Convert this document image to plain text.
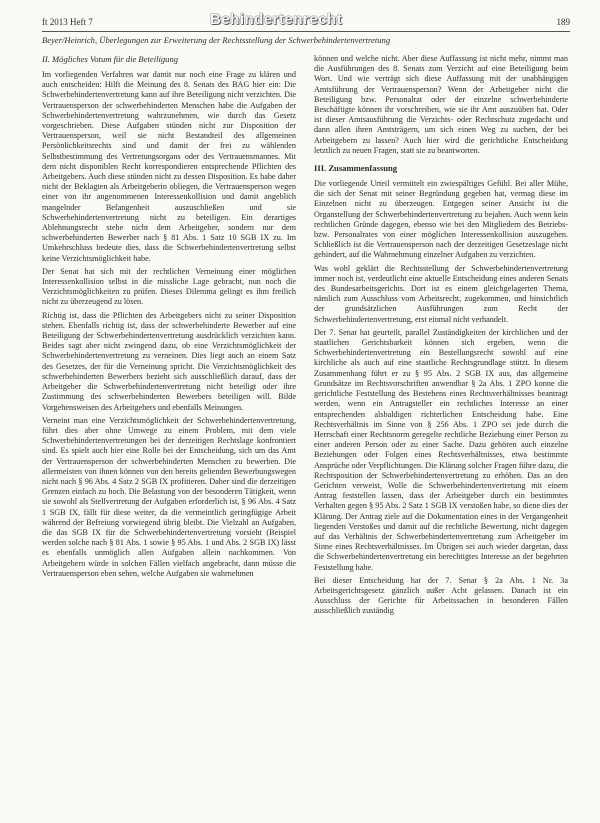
ft 2013 Heft 7	Behindertenrecht	189
Beyer/Heinrich, Überlegungen zur Erweiterung der Rechtsstellung der Schwerbehindertenvertretung
II. Mögliches Votum für die Beteiligung

Im vorliegenden Verfahren war damit nur noch eine Frage zu klären und auch entscheiden: Hilft die Meinung des 8. Senats des BAG hier ein: Die Schwerbehindertenvertretung kann auf ihre Beteiligung nicht verzichten. Die Vertrauensperson der schwerbehinderten Menschen habe die Aufgaben der Schwerbehindertenvertretung wahrzunehmen, wie durch das Gesetz vorgeschrieben. Diese Aufgaben stünden nicht zur Disposition der Vertrauensperson, weil sie nicht Bestandteil des allgemeinen Persönlichkeitsrechts sind und damit der frei zu wählenden Selbstbestimmung des Vertretungsorgans oder des Vertrauensmannes. Mit dem nicht disponiblen Recht korrespondieren entsprechende Pflichten des Arbeitgebers. Auch diese stünden nicht zu dessen Disposition. Es habe daher nicht der Beklagten als Arbeitgeberin obliegen, die Vertrauensperson wegen einer von ihr angenommenen Interessenkollision und damit angeblich mangelnder Befangenheit auszuschließen und sie Schwerbehindertenvertretung nicht zu beteiligen. Ein derartiges Ablehnungsrecht stehe nicht dem Arbeitgeber, sondern nur dem schwerbehinderten Bewerber nach § 81 Abs. 1 Satz 10 SGB IX zu. Im Umkehrschluss bedeute dies, dass die Schwerbehindertenvertretung selbst keine Verzichtsmöglichkeit habe.

Der Senat hat sich mit der rechtlichen Verneinung einer möglichen Interessenkollision selbst in die missliche Lage gebracht, nun noch die Verzichtsmöglichkeiten zu prüfen. Dieses Dilemma gelingt es ihm freilich nicht zu überzeugend zu lösen.

Richtig ist, dass die Pflichten des Arbeitgebers nicht zu seiner Disposition stehen. Ebenfalls richtig ist, dass der schwerbehinderte Bewerber auf eine Beteiligung der Schwerbehindertenvertretung ausdrücklich verzichten kann. Beides sagt aber nicht zwingend dazu, ob eine Verzichtsmöglichkeit der Schwerbehindertenvertretung zu verneinen. Dies liegt auch an einem Satz des Gesetzes, der für die Verneinung spricht. Die Verzichtsmöglichkeit des schwerbehinderten Bewerbers bezieht sich ausschließlich darauf, dass der Arbeitgeber die Schwerbehindertenvertretung nicht beteiligt oder ihre Zustimmung des schwerbehinderten Bewerbers beteiligen will. Bilde Vorgehensweisen des Arbeitgebers und ebenfalls Meinungen.

Verneint man eine Verzichtsmöglichkeit der Schwerbehindertenvertretung, führt dies aber ohne Umwege zu einem Problem, mit dem viele Schwerbehindertenvertretungen bei der derzeitigen Rechtslage konfrontiert sind. Es spielt auch hier eine Rolle bei der Entscheidung, sich um das Amt der Vertrauensperson der schwerbehinderten Menschen zu bewerben. Die allermeisten von ihnen können von den bereits geltenden Bewerbungswegen nicht nach § 96 Abs. 4 Satz 2 SGB IX profitieren. Daher sind die derzeitigen Grenzen einfach zu hoch. Die Belastung von der besonderen Tätigkeit, wenn sie sowohl als Stellvertretung der Aufgaben erforderlich ist, § 96 Abs. 4 Satz 1 SGB IX, fällt für diese weiter, da die vermeintlich geringfügige Arbeit während der Befreiung vorwiegend übrig bleibt. Die Vielzahl an Aufgaben, die das SGB IX für die Schwerbehindertenvertretung vorsieht (Beispiel werden solche nach § 81 Abs. 1 sowie § 95 Abs. 1 und Abs. 2 SGB IX) lässt es ebenfalls unmöglich allen Aufgaben allein nachkommen. Von Arbeitgebern würde in solchen Fällen vielfach angebracht, dann müsse die Vertrauensperson eben sehen, welche Aufgaben sie wahrnehmen

können und welche nicht. Aber diese Auffassung ist nicht mehr, nimmt man die Ausführungen des 8. Senats zum Verzicht auf eine Beteiligung beim Wort. Und wie verträgt sich diese Auffassung mit der unabhängigen Amtsführung der Vertrauensperson? Wenn der Arbeitgeber nicht die Beteiligung bzw. Personalrat oder der einzelne schwerbehinderte Beschäftigte können ihr vorschreiben, wie sie ihr Amt auszuüben hat. Oder ist dieser Amtsausführung die Verzichts- oder Rechtschutz zugedacht und dann allen ihren Amtsträgern, um sich einen Weg zu suchen, der bei Arbeitgebern zu lassen? Auch hier wird die gerichtliche Entscheidung letztlich zu neuen Fragen, statt sie zu beantworten.

III. Zusammenfassung

Die vorliegende Urteil vermittelt ein zwiespältiges Gefühl. Bei aller Mühe, die sich der Senat mit seiner Begründung gegeben hat, vermag diese im Einzelnen nicht zu überzeugen. Entgegen seiner Ansicht ist die Organstellung der Schwerbehindertenvertretung zu bejahen. Auch wenn kein rechtlichen Gründe dagegen, ebenso wie bei den Mitgliedern des Betriebs- bzw. Personalrates von einer möglichen Interessenkollision auszugehen. Schließlich ist die Vertrauensperson nach der derzeitigen Gesetzeslage nicht gehindert, auf die Wahrnehmung einzelner Aufgaben zu verzichten.

Was wohl geklärt die Rechtsstellung der Schwerbehindertenvertretung immer noch ist, verdeutlicht eine aktuelle Entscheidung eines anderen Senats des Bundesarbeitsgerichts. Dort ist es einem gleichgelagerten Thema, nämlich zum Ausschluss vom Arbeitsrecht, zugekommen, und hinsichtlich der grundsätzlichen Ausführungen zum Recht der Schwerbehindertenvertretung, erst einmal nicht verhandelt.

Der 7. Senat hat geurteilt, parallel Zuständigkeiten der kirchlichen und der staatlichen Gerichtsbarkeit können sich ergeben, wenn die Schwerbehindertenvertretung ein Bestellungsrecht sowohl auf eine kirchliche als auch auf eine staatliche Rechtsgrundlage stützt. In diesem Zusammenhang führt er zu § 95 Abs. 2 SGB IX aus, das allgemeine Grundsätze im Rechtsvorschriften anwendbar § 2a Abs. 1 ZPO konne die gerichtliche Feststellung des Bestehens eines Rechtsverhältnisses beantragt werden, wenn ein Antragsteller ein rechtliches Interesse an einer entsprechenden alsbaldigen richterlichen Entscheidung habe. Eine Rechtsverhältnis im Sinne von § 256 Abs. 1 ZPO sei jede durch die Herrschaft einer Rechtsnorm geregelte rechtliche Beziehung einer Person zu einer anderen Person oder zu einer Sache. Dazu gehören auch einzelne Beziehungen oder Folgen eines Rechtsverhältnisses, etwa bestimmte Ansprüche oder Verpflichtungen. Die Klärung solcher Fragen führe dazu, die Rechtsposition der Schwerbehindertenvertretung zu erhöhen. Das an den Gerichten verweist, Wolle die Schwerbehindertenvertretung mit einem Antrag feststellen lassen, dass der Arbeitgeber durch ein bestimmtes Verhalten gegen § 95 Abs. 2 Satz 1 SGB IX verstoßen habe, so diene dies der Klärung. Der Antrag ziele auf die Dokumentation eines in der Vergangenheit liegenden Verstoßes und damit auf die rechtliche Bewertung, nicht dagegen auf das Verhältnis der Schwerbehindertenvertretung zum Arbeitgeber im Sinne eines Rechtsverhältnisses. Im Übrigen sei auch wieder dargetan, dass die Schwerbehindertenvertretung ein berechtigtes Interesse an der begehrten Feststellung habe.

Bei dieser Entscheidung hat der 7. Senat § 2a Abs. 1 Nr. 3a Arbeitsgerichtsgesetz gänzlich außer Acht gelassen. Danach ist ein Ausschluss der Gerichte für Arbeitssachen in besonderen Fällen ausschließlich zuständig
